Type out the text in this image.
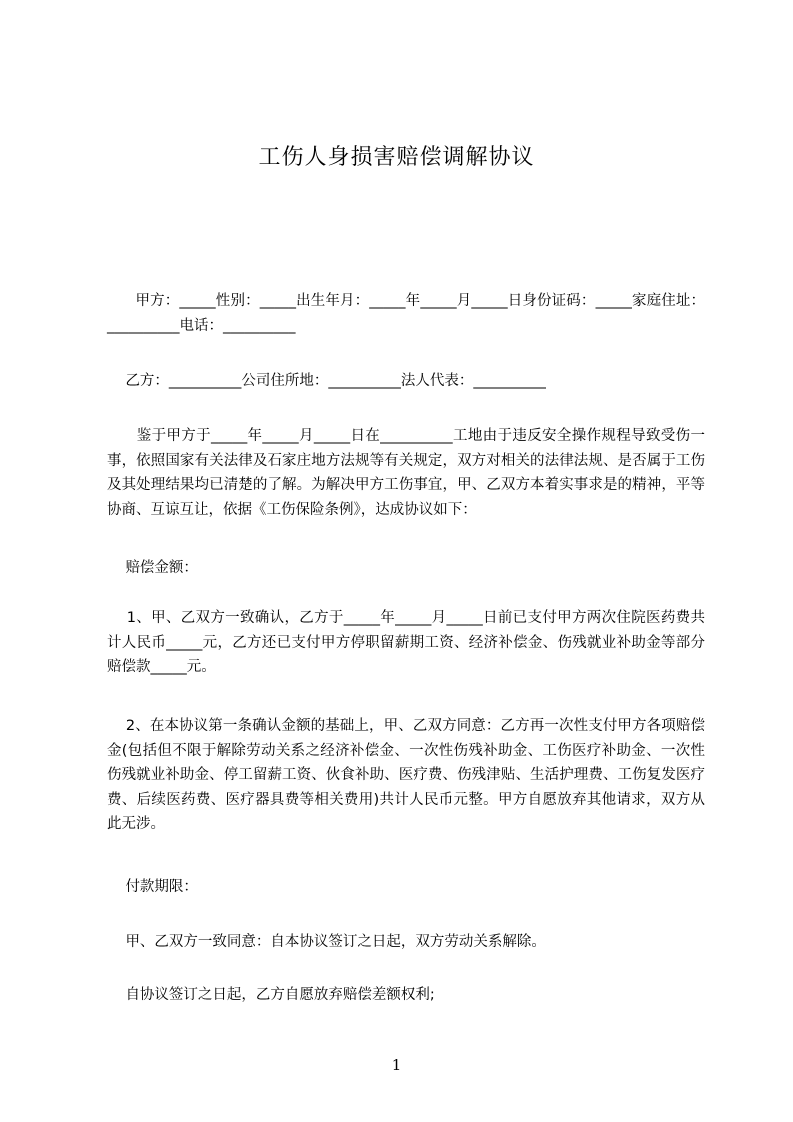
工伤人身损害赔偿调解协议
甲方：_____性别：_____出生年月：_____年_____月_____日身份证码：_____家庭住址：__________电话：__________
乙方：__________公司住所地：__________法人代表：__________
鉴于甲方于_____年_____月_____日在__________工地由于违反安全操作规程导致受伤一事，依照国家有关法律及石家庄地方法规等有关规定，双方对相关的法律法规、是否属于工伤及其处理结果均已清楚的了解。为解决甲方工伤事宜，甲、乙双方本着实事求是的精神，平等协商、互谅互让，依据《工伤保险条例》，达成协议如下：
赔偿金额：
1、甲、乙双方一致确认，乙方于_____年_____月_____日前已支付甲方两次住院医药费共计人民币_____元，乙方还已支付甲方停职留薪期工资、经济补偿金、伤残就业补助金等部分赔偿款_____元。
2、在本协议第一条确认金额的基础上，甲、乙双方同意：乙方再一次性支付甲方各项赔偿金(包括但不限于解除劳动关系之经济补偿金、一次性伤残补助金、工伤医疗补助金、一次性伤残就业补助金、停工留薪工资、伙食补助、医疗费、伤残津贴、生活护理费、工伤复发医疗费、后续医药费、医疗器具费等相关费用)共计人民币元整。甲方自愿放弃其他请求，双方从此无涉。
付款期限：
甲、乙双方一致同意：自本协议签订之日起，双方劳动关系解除。
自协议签订之日起，乙方自愿放弃赔偿差额权利;
1
